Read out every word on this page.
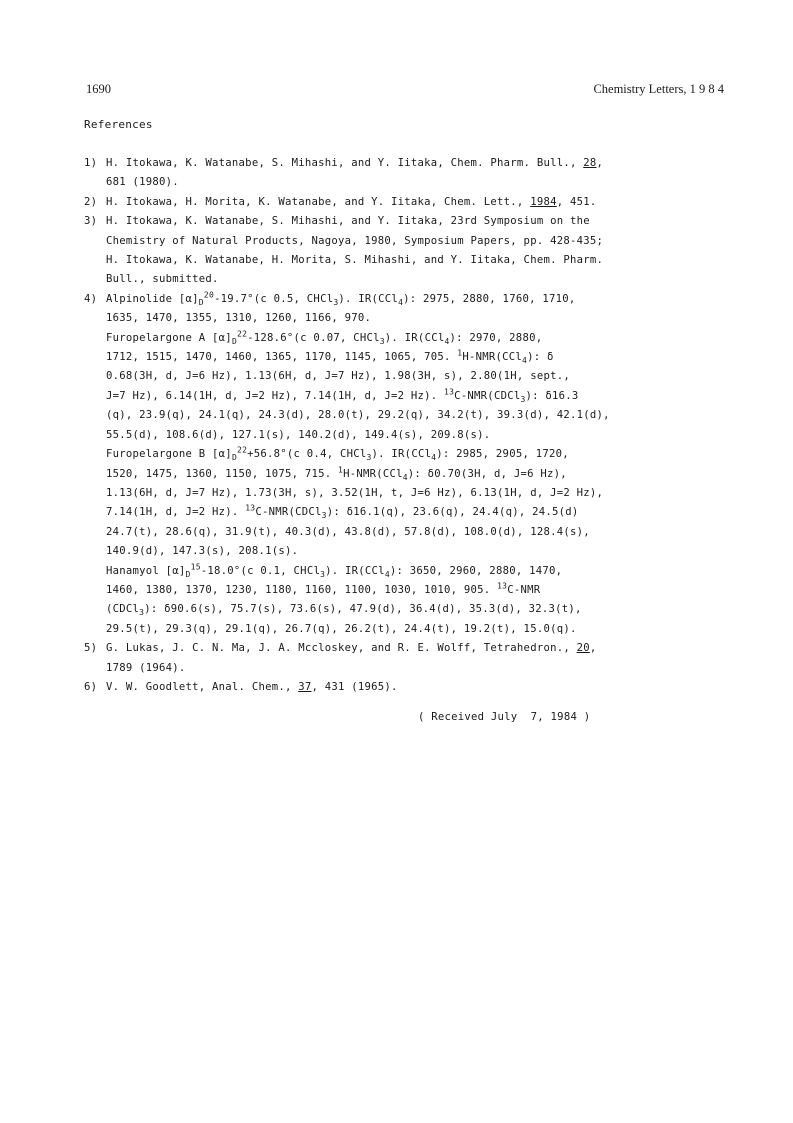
1690	Chemistry Letters, 1 9 8 4
References
1) H. Itokawa, K. Watanabe, S. Mihashi, and Y. Iitaka, Chem. Pharm. Bull., 28,
681 (1980).
2) H. Itokawa, H. Morita, K. Watanabe, and Y. Iitaka, Chem. Lett., 1984, 451.
3) H. Itokawa, K. Watanabe, S. Mihashi, and Y. Iitaka, 23rd Symposium on the
Chemistry of Natural Products, Nagoya, 1980, Symposium Papers, pp. 428-435;
H. Itokawa, K. Watanabe, H. Morita, S. Mihashi, and Y. Iitaka, Chem. Pharm.
Bull., submitted.
4) Alpinolide $[\alpha]_D^{20}-19.7^\circ(c$ 0.5, CHCl$_3$). IR(CCl$_4$): 2975, 2880, 1760, 1710,
1635, 1470, 1355, 1310, 1260, 1166, 970.
Furopelargone A $[\alpha]_D^{22}-128.6^\circ(c$ 0.07, CHCl$_3$). IR(CCl$_4$): 2970, 2880,
1712, 1515, 1470, 1460, 1365, 1170, 1145, 1065, 705. $^1$H-NMR(CCl$_4$): δ
0.68(3H, d, J=6 Hz), 1.13(6H, d, J=7 Hz), 1.98(3H, s), 2.80(1H, sept.,
J=7 Hz), 6.14(1H, d, J=2 Hz), 7.14(1H, d, J=2 Hz). $^{13}$C-NMR(CDCl$_3$): δ16.3
(q), 23.9(q), 24.1(q), 24.3(d), 28.0(t), 29.2(q), 34.2(t), 39.3(d), 42.1(d),
55.5(d), 108.6(d), 127.1(s), 140.2(d), 149.4(s), 209.8(s).
Furopelargone B $[\alpha]_D^{22}+56.8^\circ(c$ 0.4, CHCl$_3$). IR(CCl$_4$): 2985, 2905, 1720,
1520, 1475, 1360, 1150, 1075, 715. $^1$H-NMR(CCl$_4$): δ0.70(3H, d, J=6 Hz),
1.13(6H, d, J=7 Hz), 1.73(3H, s), 3.52(1H, t, J=6 Hz), 6.13(1H, d, J=2 Hz),
7.14(1H, d, J=2 Hz). $^{13}$C-NMR(CDCl$_3$): δ16.1(q), 23.6(q), 24.4(q), 24.5(d)
24.7(t), 28.6(q), 31.9(t), 40.3(d), 43.8(d), 57.8(d), 108.0(d), 128.4(s),
140.9(d), 147.3(s), 208.1(s).
Hanamyol $[\alpha]_D^{15}-18.0^\circ(c$ 0.1, CHCl$_3$). IR(CCl$_4$): 3650, 2960, 2880, 1470,
1460, 1380, 1370, 1230, 1180, 1160, 1100, 1030, 1010, 905. $^{13}$C-NMR
(CDCl$_3$): δ90.6(s), 75.7(s), 73.6(s), 47.9(d), 36.4(d), 35.3(d), 32.3(t),
29.5(t), 29.3(q), 29.1(q), 26.7(q), 26.2(t), 24.4(t), 19.2(t), 15.0(q).
5) G. Lukas, J. C. N. Ma, J. A. Mccloskey, and R. E. Wolff, Tetrahedron., 20,
1789 (1964).
6) V. W. Goodlett, Anal. Chem., 37, 431 (1965).
( Received July  7, 1984 )
